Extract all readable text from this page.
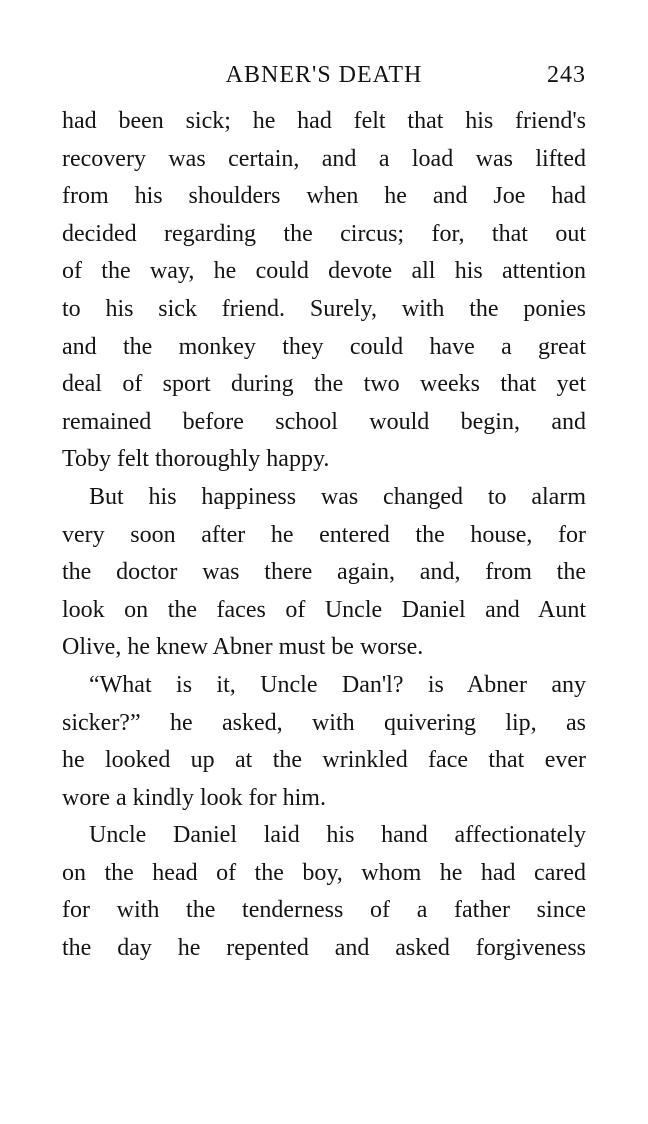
ABNER'S DEATH	243
had been sick; he had felt that his friend's
recovery was certain, and a load was lifted
from his shoulders when he and Joe had
decided regarding the circus; for, that out
of the way, he could devote all his attention
to his sick friend. Surely, with the ponies
and the monkey they could have a great
deal of sport during the two weeks that yet
remained before school would begin, and
Toby felt thoroughly happy.
But his happiness was changed to alarm
very soon after he entered the house, for
the doctor was there again, and, from the
look on the faces of Uncle Daniel and Aunt
Olive, he knew Abner must be worse.
“What is it, Uncle Dan'l? is Abner any
sicker?” he asked, with quivering lip, as
he looked up at the wrinkled face that ever
wore a kindly look for him.
Uncle Daniel laid his hand affectionately
on the head of the boy, whom he had cared
for with the tenderness of a father since
the day he repented and asked forgiveness
